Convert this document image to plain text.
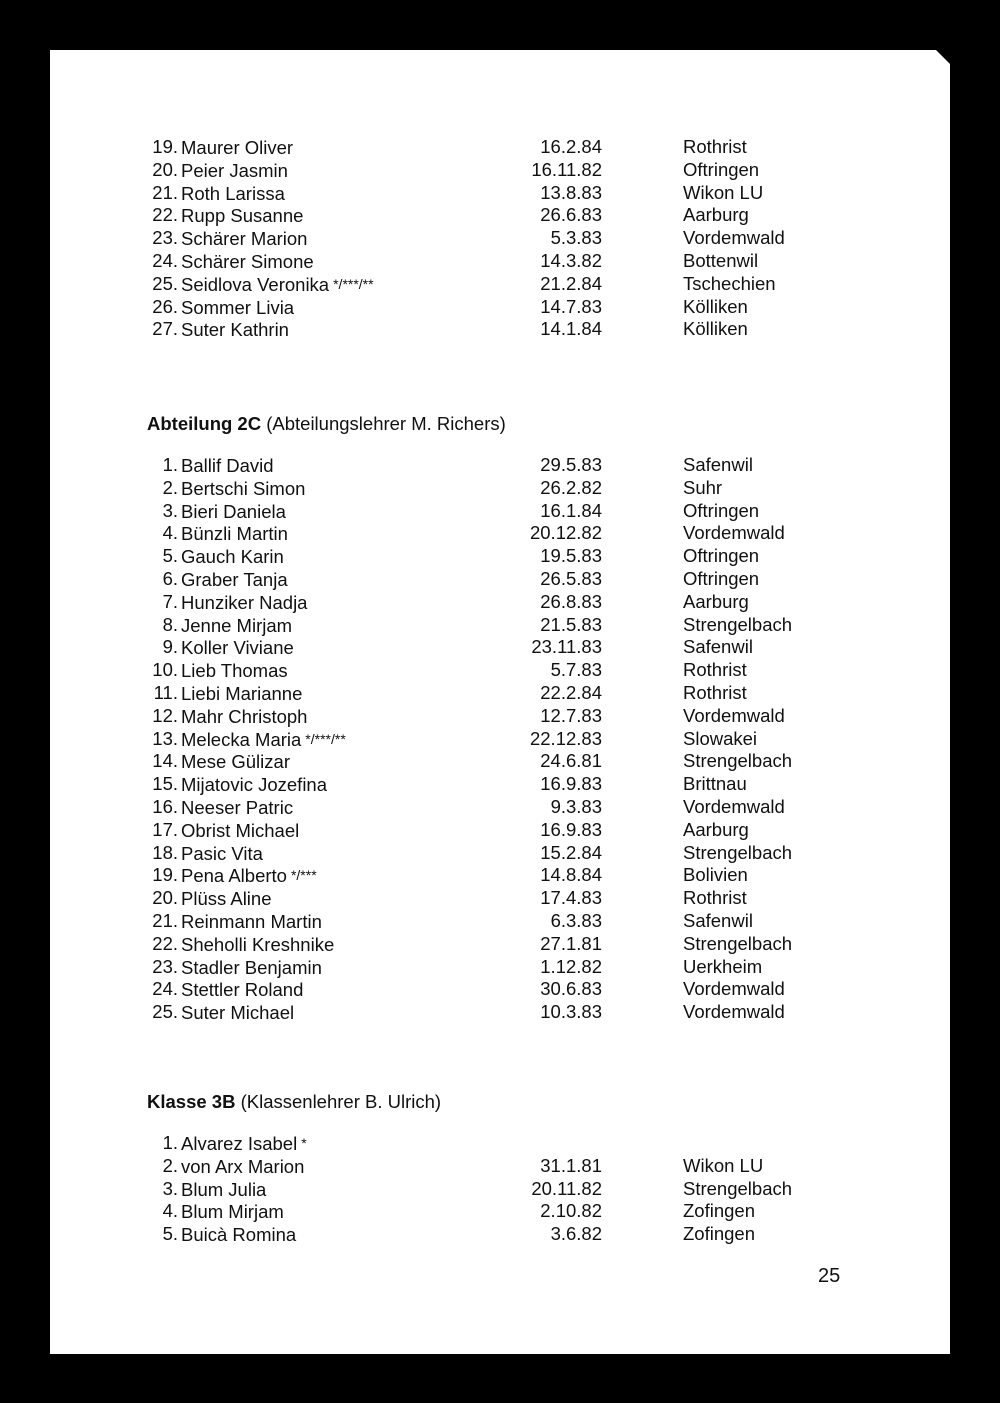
19. Maurer Oliver	16.2.84	Rothrist
20. Peier Jasmin	16.11.82	Oftringen
21. Roth Larissa	13.8.83	Wikon LU
22. Rupp Susanne	26.6.83	Aarburg
23. Schärer Marion	5.3.83	Vordemwald
24. Schärer Simone	14.3.82	Bottenwil
25. Seidlova Veronika */***/**	21.2.84	Tschechien
26. Sommer Livia	14.7.83	Kölliken
27. Suter Kathrin	14.1.84	Kölliken
Abteilung 2C (Abteilungslehrer M. Richers)
1. Ballif David	29.5.83	Safenwil
2. Bertschi Simon	26.2.82	Suhr
3. Bieri Daniela	16.1.84	Oftringen
4. Bünzli Martin	20.12.82	Vordemwald
5. Gauch Karin	19.5.83	Oftringen
6. Graber Tanja	26.5.83	Oftringen
7. Hunziker Nadja	26.8.83	Aarburg
8. Jenne Mirjam	21.5.83	Strengelbach
9. Koller Viviane	23.11.83	Safenwil
10. Lieb Thomas	5.7.83	Rothrist
11. Liebi Marianne	22.2.84	Rothrist
12. Mahr Christoph	12.7.83	Vordemwald
13. Melecka Maria */***/**	22.12.83	Slowakei
14. Mese Gülizar	24.6.81	Strengelbach
15. Mijatovic Jozefina	16.9.83	Brittnau
16. Neeser Patric	9.3.83	Vordemwald
17. Obrist Michael	16.9.83	Aarburg
18. Pasic Vita	15.2.84	Strengelbach
19. Pena Alberto */***	14.8.84	Bolivien
20. Plüss Aline	17.4.83	Rothrist
21. Reinmann Martin	6.3.83	Safenwil
22. Sheholli Kreshnike	27.1.81	Strengelbach
23. Stadler Benjamin	1.12.82	Uerkheim
24. Stettler Roland	30.6.83	Vordemwald
25. Suter Michael	10.3.83	Vordemwald
Klasse 3B (Klassenlehrer B. Ulrich)
1. Alvarez Isabel *
2. von Arx Marion	31.1.81	Wikon LU
3. Blum Julia	20.11.82	Strengelbach
4. Blum Mirjam	2.10.82	Zofingen
5. Buicà Romina	3.6.82	Zofingen
25
